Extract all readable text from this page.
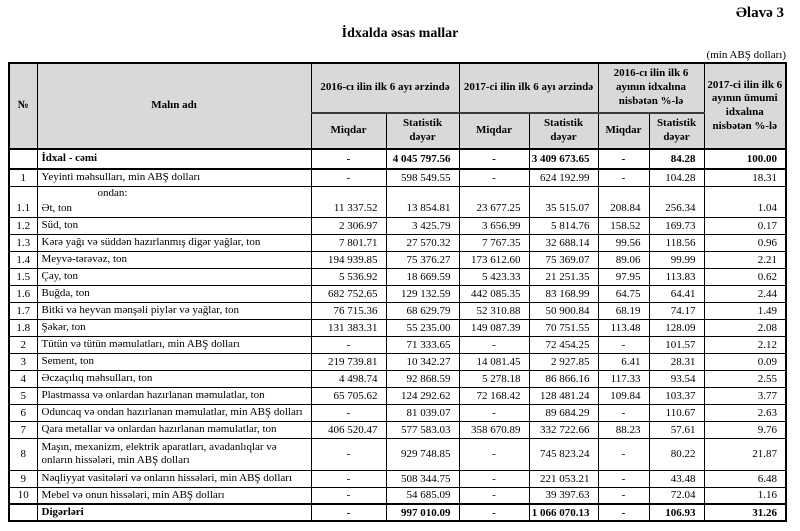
Əlavə 3
İdxalda əsas mallar
(min ABŞ dolları)
№	Malın adı	2016-cı ilin ilk 6 ayı ərzində		2017-ci ilin ilk 6 ayı ərzində		2016-cı ilin ilk 6 ayının idxalına nisbətən %-lə		2017-ci ilin ilk 6 ayının ümumi idxalına nisbətən %-lə
		Miqdar	Statistik dəyər	Miqdar	Statistik dəyər	Miqdar	Statistik dəyər	
	İdxal - cəmi	-	4 045 797.56	-	3 409 673.65	-	84.28	100.00
1	Yeyinti məhsulları, min ABŞ dolları	-	598 549.55	-	624 192.99	-	104.28	18.31
	ondan:							
1.1	Ət, ton	11 337.52	13 854.81	23 677.25	35 515.07	208.84	256.34	1.04
1.2	Süd, ton	2 306.97	3 425.79	3 656.99	5 814.76	158.52	169.73	0.17
1.3	Kərə yağı və süddən hazırlanmış digər yağlar, ton	7 801.71	27 570.32	7 767.35	32 688.14	99.56	118.56	0.96
1.4	Meyvə-tərəvəz, ton	194 939.85	75 376.27	173 612.60	75 369.07	89.06	99.99	2.21
1.5	Çay, ton	5 536.92	18 669.59	5 423.33	21 251.35	97.95	113.83	0.62
1.6	Buğda, ton	682 752.65	129 132.59	442 085.35	83 168.99	64.75	64.41	2.44
1.7	Bitki və heyvan mənşəli piylər və yağlar, ton	76 715.36	68 629.79	52 310.88	50 900.84	68.19	74.17	1.49
1.8	Şəkər, ton	131 383.31	55 235.00	149 087.39	70 751.55	113.48	128.09	2.08
2	Tütün və tütün məmulatları, min ABŞ dolları	-	71 333.65	-	72 454.25	-	101.57	2.12
3	Sement, ton	219 739.81	10 342.27	14 081.45	2 927.85	6.41	28.31	0.09
4	Əczaçılıq məhsulları, ton	4 498.74	92 868.59	5 278.18	86 866.16	117.33	93.54	2.55
5	Plastmassa və onlardan hazırlanan məmulatlar, ton	65 705.62	124 292.62	72 168.42	128 481.24	109.84	103.37	3.77
6	Oduncaq və ondan hazırlanan məmulatlar, min ABŞ dolları	-	81 039.07	-	89 684.29	-	110.67	2.63
7	Qara metallar və onlardan hazırlanan məmulatlar, ton	406 520.47	577 583.03	358 670.89	332 722.66	88.23	57.61	9.76
8	Maşın, mexanizm, elektrik aparatları, avadanlıqlar və onların hissələri, min ABŞ dolları	-	929 748.85	-	745 823.24	-	80.22	21.87
9	Nəqliyyat vasitələri və onların hissələri, min ABŞ dolları	-	508 344.75	-	221 053.21	-	43.48	6.48
10	Mebel və onun hissələri, min ABŞ dolları	-	54 685.09	-	39 397.63	-	72.04	1.16
	Digərləri	-	997 010.09	-	1 066 070.13	-	106.93	31.26
